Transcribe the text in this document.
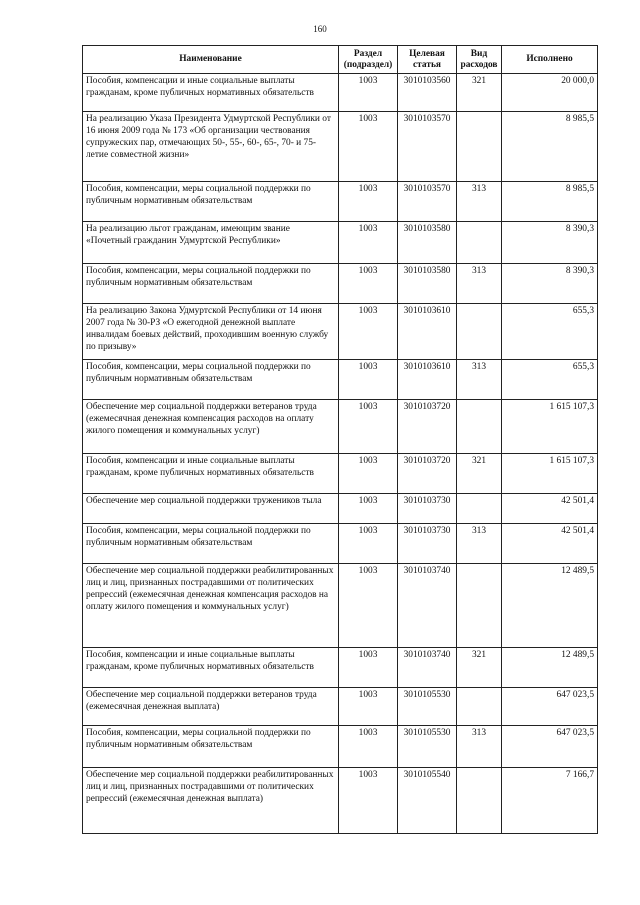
160
Наименование	Раздел (подраздел)	Целевая статья	Вид расходов	Исполнено
Пособия, компенсации и иные социальные выплаты гражданам, кроме публичных нормативных обязательств	1003	3010103560	321	20 000,0
На реализацию Указа Президента Удмуртской Республики от 16 июня 2009 года № 173 «Об организации чествования супружеских пар, отмечающих 50-, 55-, 60-, 65-, 70- и 75-летие совместной жизни»	1003	3010103570		8 985,5
Пособия, компенсации, меры социальной поддержки по публичным нормативным обязательствам	1003	3010103570	313	8 985,5
На реализацию льгот гражданам, имеющим звание «Почетный гражданин Удмуртской Республики»	1003	3010103580		8 390,3
Пособия, компенсации, меры социальной поддержки по публичным нормативным обязательствам	1003	3010103580	313	8 390,3
На реализацию Закона Удмуртской Республики от 14 июня 2007 года № 30-РЗ «О ежегодной денежной выплате инвалидам боевых действий, проходившим военную службу по призыву»	1003	3010103610		655,3
Пособия, компенсации, меры социальной поддержки по публичным нормативным обязательствам	1003	3010103610	313	655,3
Обеспечение мер социальной поддержки ветеранов труда (ежемесячная денежная компенсация расходов на оплату жилого помещения и коммунальных услуг)	1003	3010103720		1 615 107,3
Пособия, компенсации и иные социальные выплаты гражданам, кроме публичных нормативных обязательств	1003	3010103720	321	1 615 107,3
Обеспечение мер социальной поддержки тружеников тыла	1003	3010103730		42 501,4
Пособия, компенсации, меры социальной поддержки по публичным нормативным обязательствам	1003	3010103730	313	42 501,4
Обеспечение мер социальной поддержки реабилитированных лиц и лиц, признанных пострадавшими от политических репрессий (ежемесячная денежная компенсация расходов на оплату жилого помещения и коммунальных услуг)	1003	3010103740		12 489,5
Пособия, компенсации и иные социальные выплаты гражданам, кроме публичных нормативных обязательств	1003	3010103740	321	12 489,5
Обеспечение мер социальной поддержки ветеранов труда (ежемесячная денежная выплата)	1003	3010105530		647 023,5
Пособия, компенсации, меры социальной поддержки по публичным нормативным обязательствам	1003	3010105530	313	647 023,5
Обеспечение мер социальной поддержки реабилитированных лиц и лиц, признанных пострадавшими от политических репрессий (ежемесячная денежная выплата)	1003	3010105540		7 166,7
